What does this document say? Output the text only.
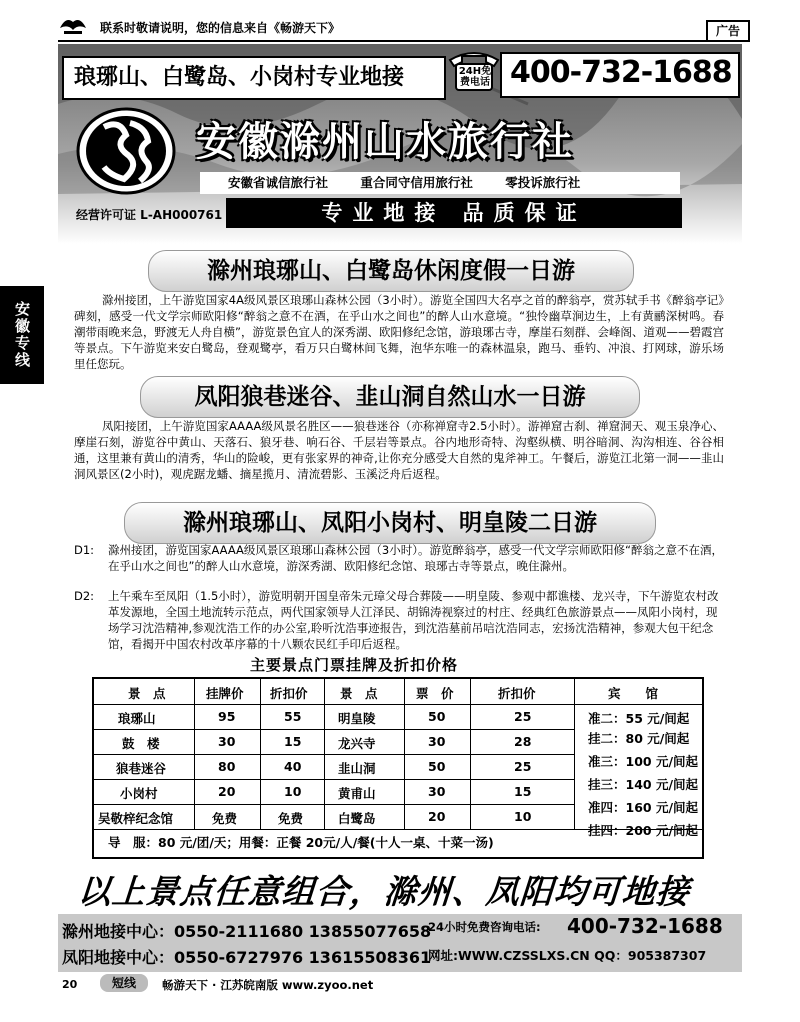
联系时敬请说明，您的信息来自《畅游天下》	广告
安徽专线
琅琊山、白鹭岛、小岗村专业地接	24H免
费电话 400-732-1688
安徽滁州山水旅行社
安徽省诚信旅行社	重合同守信用旅行社	零投诉旅行社
经营许可证 L-AH000761	专业地接 品质保证
滁州琅琊山、白鹭岛休闲度假一日游
滁州接团，上午游览国家4A级风景区琅琊山森林公园（3小时）。游览全国四大名亭之首的醉翁亭，赏苏轼手书《醉翁亭记》碑刻，感受一代文学宗师欧阳修“醉翁之意不在酒，在乎山水之间也”的醉人山水意境。“独怜幽草涧边生，上有黄鹂深树鸣。春潮带雨晚来急，野渡无人舟自横”，游览景色宜人的深秀湖、欧阳修纪念馆，游琅琊古寺，摩崖石刻群、会峰阁、道观——碧霞宫等景点。下午游览来安白鹭岛，登观鹭亭，看万只白鹭林间飞舞，泡华东唯一的森林温泉，跑马、垂钓、冲浪、打网球，游乐场里任您玩。
凤阳狼巷迷谷、韭山洞自然山水一日游
凤阳接团，上午游览国家AAAA级风景名胜区——狼巷迷谷（亦称禅窟寺2.5小时）。游禅窟古刹、禅窟洞天、观玉泉净心、摩崖石刻，游览谷中黄山、天落石、狼牙巷、响石谷、千层岩等景点。谷内地形奇特、沟壑纵横、明谷暗洞、沟沟相连、谷谷相通，这里兼有黄山的清秀，华山的险峻，更有张家界的神奇,让你充分感受大自然的鬼斧神工。午餐后，游览江北第一洞——韭山洞风景区(2小时)，观虎踞龙蟠、摘星揽月、清流碧影、玉溪泛舟后返程。
滁州琅琊山、凤阳小岗村、明皇陵二日游
D1:	滁州接团，游览国家AAAA级风景区琅琊山森林公园（3小时）。游览醉翁亭，感受一代文学宗师欧阳修“醉翁之意不在酒，在乎山水之间也”的醉人山水意境，游深秀湖、欧阳修纪念馆、琅琊古寺等景点，晚住滁州。
D2:	上午乘车至凤阳（1.5小时），游览明朝开国皇帝朱元璋父母合葬陵——明皇陵、参观中都谯楼、龙兴寺，下午游览农村改革发源地，全国土地流转示范点，两代国家领导人江泽民、胡锦涛视察过的村庄、经典红色旅游景点——凤阳小岗村，现场学习沈浩精神,参观沈浩工作的办公室,聆听沈浩事迹报告，到沈浩墓前吊唁沈浩同志，宏扬沈浩精神，参观大包干纪念馆，看揭开中国农村改革序幕的十八颗农民红手印后返程。
主要景点门票挂牌及折扣价格
景　点	挂牌价 折扣价	景　点	票　价	折扣价	宾　　馆
琅琊山	95	55	明皇陵	50	25
鼓　楼	30	15	龙兴寺	30	28
狼巷迷谷	80	40	韭山洞	50	25
小岗村	20	10	黄甫山	30	15
吴敬梓纪念馆	免费	免费	白鹭岛	20	10
准二：55 元/间起
挂二：80 元/间起
准三：100 元/间起
挂三：140 元/间起
准四：160 元/间起
挂四：200 元/间起
导　服：80 元/团/天；用餐：正餐 20元/人/餐(十人一桌、十菜一汤)
以上景点任意组合，滁州、凤阳均可地接
滁州地接中心：0550-2111680 13855077658
凤阳地接中心：0550-6727976 13615508361
24小时免费咨询电话: 400-732-1688
网址:WWW.CZSSLXS.CN QQ：905387307
20	短线	畅游天下 · 江苏皖南版 www.zyoo.net
